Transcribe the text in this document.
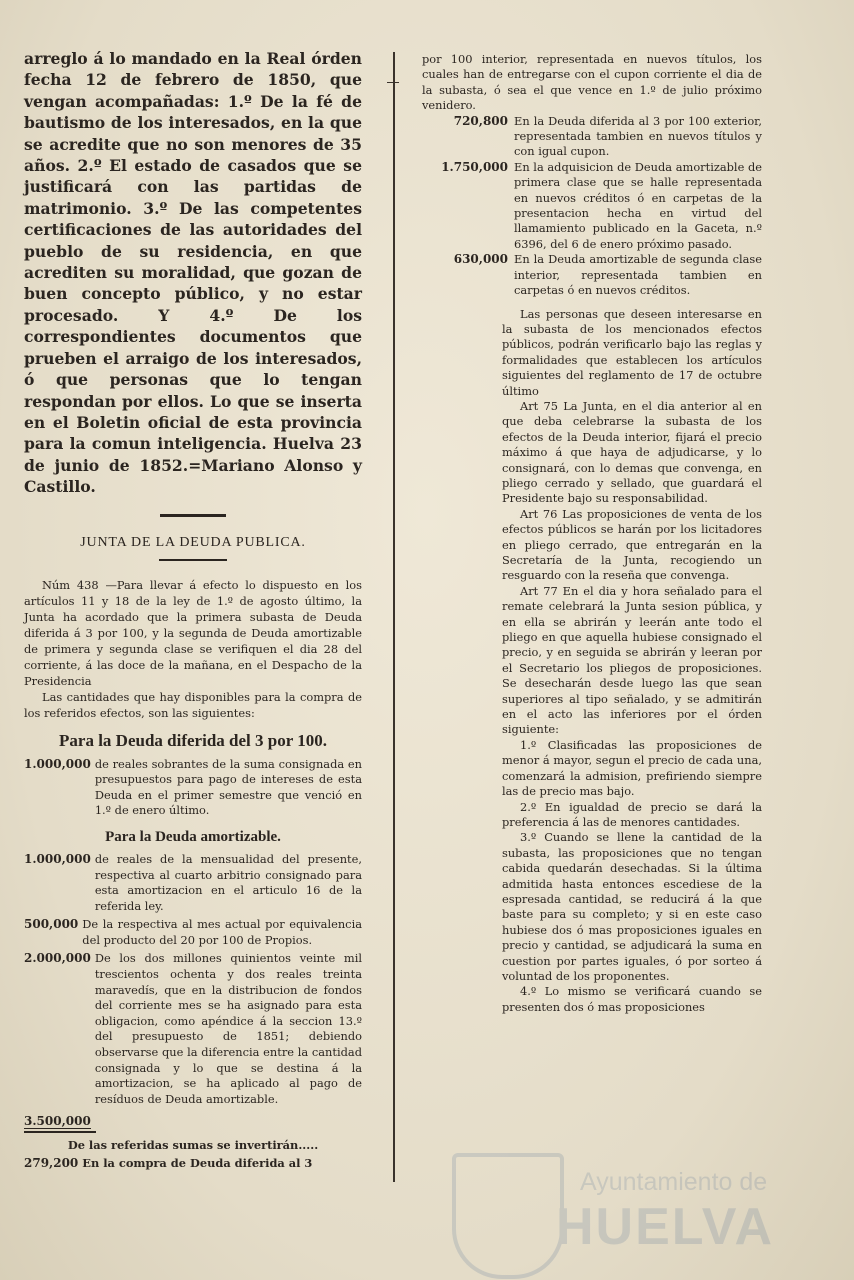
arreglo á lo mandado en la Real órden fecha 12 de febrero de 1850, que vengan acompañadas: 1.º De la fé de bautismo de los interesados, en la que se acredite que no son menores de 35 años. 2.º El estado de casados que se justificará con las partidas de matrimonio. 3.º De las competentes certificaciones de las autoridades del pueblo de su residencia, en que acrediten su moralidad, que gozan de buen concepto público, y no estar procesado. Y 4.º De los correspondientes documentos que prueben el arraigo de los interesados, ó que personas que lo tengan respondan por ellos. Lo que se inserta en el Boletin oficial de esta provincia para la comun inteligencia. Huelva 23 de junio de 1852.=Mariano Alonso y Castillo.

JUNTA DE LA DEUDA PUBLICA.

Núm 438 —Para llevar á efecto lo dispuesto en los artículos 11 y 18 de la ley de 1.º de agosto último, la Junta ha acordado que la primera subasta de Deuda diferida á 3 por 100, y la segunda de Deuda amortizable de primera y segunda clase se verifiquen el dia 28 del corriente, á las doce de la mañana, en el Despacho de la Presidencia

Las cantidades que hay disponibles para la compra de los referidos efectos, son las siguientes:

Para la Deuda diferida del 3 por 100.

1.000,000 de reales sobrantes de la suma consignada en presupuestos para pago de intereses de esta Deuda en el primer semestre que venció en 1.º de enero último.

Para la Deuda amortizable.

1.000,000 de reales de la mensualidad del presente, respectiva al cuarto arbitrio consignado para esta amortizacion en el articulo 16 de la referida ley.
500,000 De la respectiva al mes actual por equivalencia del producto del 20 por 100 de Propios.
2.000,000 De los dos millones quinientos veinte mil trescientos ochenta y dos reales treinta maravedís, que en la distribucion de fondos del corriente mes se ha asignado para esta obligacion, como apéndice á la seccion 13.º del presupuesto de 1851; debiendo observarse que la diferencia entre la cantidad consignada y lo que se destina á la amortizacion, se ha aplicado al pago de resíduos de Deuda amortizable.
3.500,000

De las referidas sumas se invertirán.....

279,200 En la compra de Deuda diferida al 3

por 100 interior, representada en nuevos títulos, los cuales han de entregarse con el cupon corriente el dia de la subasta, ó sea el que vence en 1.º de julio próximo venidero.

720,800 En la Deuda diferida al 3 por 100 exterior, representada tambien en nuevos títulos y con igual cupon.
1.750,000 En la adquisicion de Deuda amortizable de primera clase que se halle representada en nuevos créditos ó en carpetas de la presentacion hecha en virtud del llamamiento publicado en la Gaceta, n.º 6396, del 6 de enero próximo pasado.
630,000 En la Deuda amortizable de segunda clase interior, representada tambien en carpetas ó en nuevos créditos.

Las personas que deseen interesarse en la subasta de los mencionados efectos públicos, podrán verificarlo bajo las reglas y formalidades que establecen los artículos siguientes del reglamento de 17 de octubre último

Art 75 La Junta, en el dia anterior al en que deba celebrarse la subasta de los efectos de la Deuda interior, fijará el precio máximo á que haya de adjudicarse, y lo consignará, con lo demas que convenga, en pliego cerrado y sellado, que guardará el Presidente bajo su responsabilidad.

Art 76 Las proposiciones de venta de los efectos públicos se harán por los licitadores en pliego cerrado, que entregarán en la Secretaría de la Junta, recogiendo un resguardo con la reseña que convenga.

Art 77 En el dia y hora señalado para el remate celebrará la Junta sesion pública, y en ella se abrirán y leerán ante todo el pliego en que aquella hubiese consignado el precio, y en seguida se abrirán y leeran por el Secretario los pliegos de proposiciones. Se desecharán desde luego las que sean superiores al tipo señalado, y se admitirán en el acto las inferiores por el órden siguiente:

1.º Clasificadas las proposiciones de menor á mayor, segun el precio de cada una, comenzará la admision, prefiriendo siempre las de precio mas bajo.

2.º En igualdad de precio se dará la preferencia á las de menores cantidades.

3.º Cuando se llene la cantidad de la subasta, las proposiciones que no tengan cabida quedarán desechadas. Si la última admitida hasta entonces escediese de la espresada cantidad, se reducirá á la que baste para su completo; y si en este caso hubiese dos ó mas proposiciones iguales en precio y cantidad, se adjudicará la suma en cuestion por partes iguales, ó por sorteo á voluntad de los proponentes.

4.º Lo mismo se verificará cuando se presenten dos ó mas proposiciones

Ayuntamiento de
HUELVA
